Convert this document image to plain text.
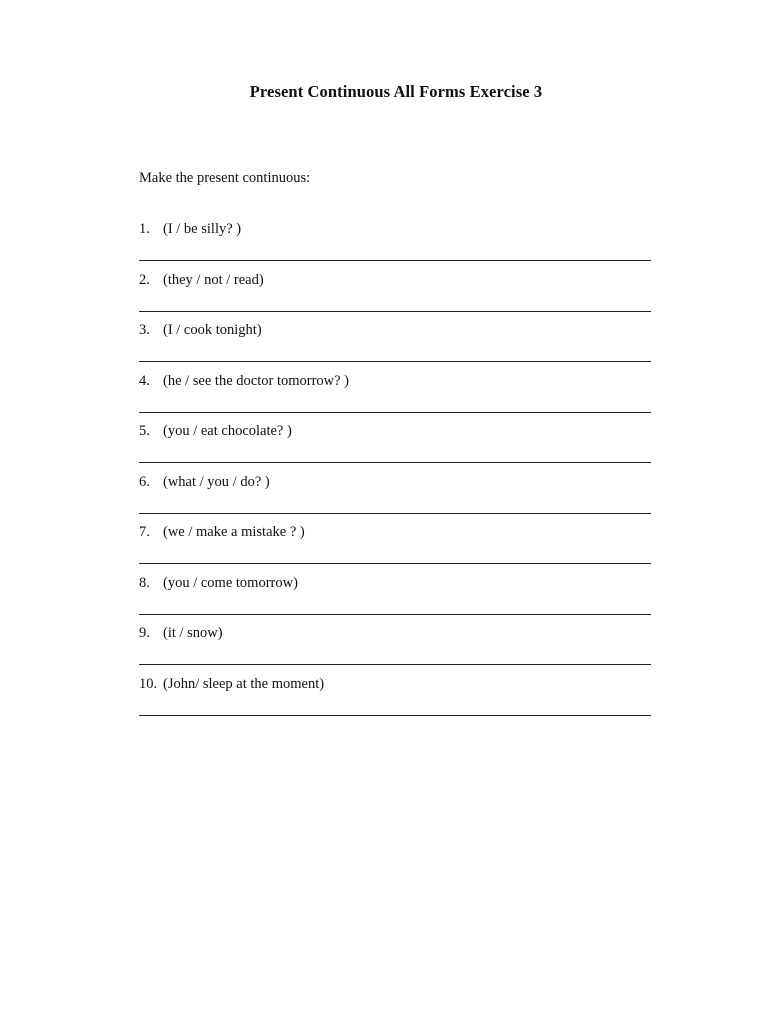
Present Continuous All Forms Exercise 3
Make the present continuous:
1. (I / be silly? )
2. (they / not / read)
3. (I / cook tonight)
4. (he / see the doctor tomorrow? )
5. (you / eat chocolate? )
6. (what / you / do? )
7. (we / make a mistake ? )
8. (you / come tomorrow)
9. (it / snow)
10. (John/ sleep at the moment)
